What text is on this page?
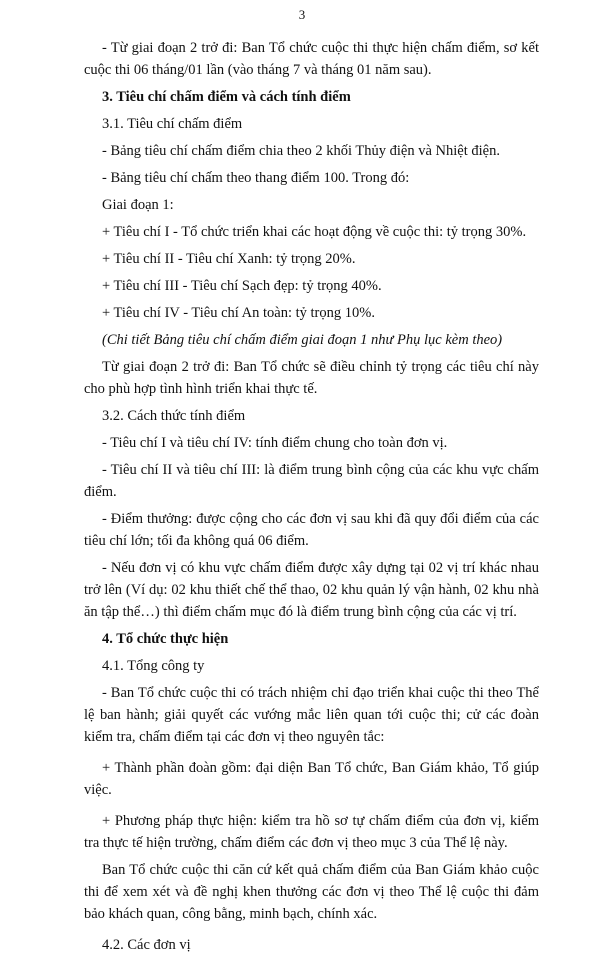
3

- Từ giai đoạn 2 trở đi: Ban Tổ chức cuộc thi thực hiện chấm điểm, sơ kết cuộc thi 06 tháng/01 lần (vào tháng 7 và tháng 01 năm sau).

3. Tiêu chí chấm điểm và cách tính điểm

3.1. Tiêu chí chấm điểm

- Bảng tiêu chí chấm điểm chia theo 2 khối Thủy điện và Nhiệt điện.

- Bảng tiêu chí chấm theo thang điểm 100. Trong đó:

Giai đoạn 1:

+ Tiêu chí I - Tổ chức triển khai các hoạt động về cuộc thi: tỷ trọng 30%.

+ Tiêu chí II - Tiêu chí Xanh: tỷ trọng 20%.

+ Tiêu chí III - Tiêu chí Sạch đẹp: tỷ trọng 40%.

+ Tiêu chí IV - Tiêu chí An toàn: tỷ trọng 10%.

(Chi tiết Bảng tiêu chí chấm điểm giai đoạn 1 như Phụ lục kèm theo)

Từ giai đoạn 2 trở đi: Ban Tổ chức sẽ điều chỉnh tỷ trọng các tiêu chí này cho phù hợp tình hình triển khai thực tế.

3.2. Cách thức tính điểm

- Tiêu chí I và tiêu chí IV: tính điểm chung cho toàn đơn vị.

- Tiêu chí II và tiêu chí III: là điểm trung bình cộng của các khu vực chấm điểm.

- Điểm thưởng: được cộng cho các đơn vị sau khi đã quy đổi điểm của các tiêu chí lớn; tối đa không quá 06 điểm.

- Nếu đơn vị có khu vực chấm điểm được xây dựng tại 02 vị trí khác nhau trở lên (Ví dụ: 02 khu thiết chế thể thao, 02 khu quản lý vận hành, 02 khu nhà ăn tập thể…) thì điểm chấm mục đó là điểm trung bình cộng của các vị trí.

4. Tổ chức thực hiện

4.1. Tổng công ty

- Ban Tổ chức cuộc thi có trách nhiệm chỉ đạo triển khai cuộc thi theo Thể lệ ban hành; giải quyết các vướng mắc liên quan tới cuộc thi; cử các đoàn kiểm tra, chấm điểm tại các đơn vị theo nguyên tắc:

+ Thành phần đoàn gồm: đại diện Ban Tổ chức, Ban Giám khảo, Tổ giúp việc.

+ Phương pháp thực hiện: kiểm tra hồ sơ tự chấm điểm của đơn vị, kiểm tra thực tế hiện trường, chấm điểm các đơn vị theo mục 3 của Thể lệ này.

Ban Tổ chức cuộc thi căn cứ kết quả chấm điểm của Ban Giám khảo cuộc thi để xem xét và đề nghị khen thưởng các đơn vị theo Thể lệ cuộc thi đảm bảo khách quan, công bằng, minh bạch, chính xác.

4.2. Các đơn vị
